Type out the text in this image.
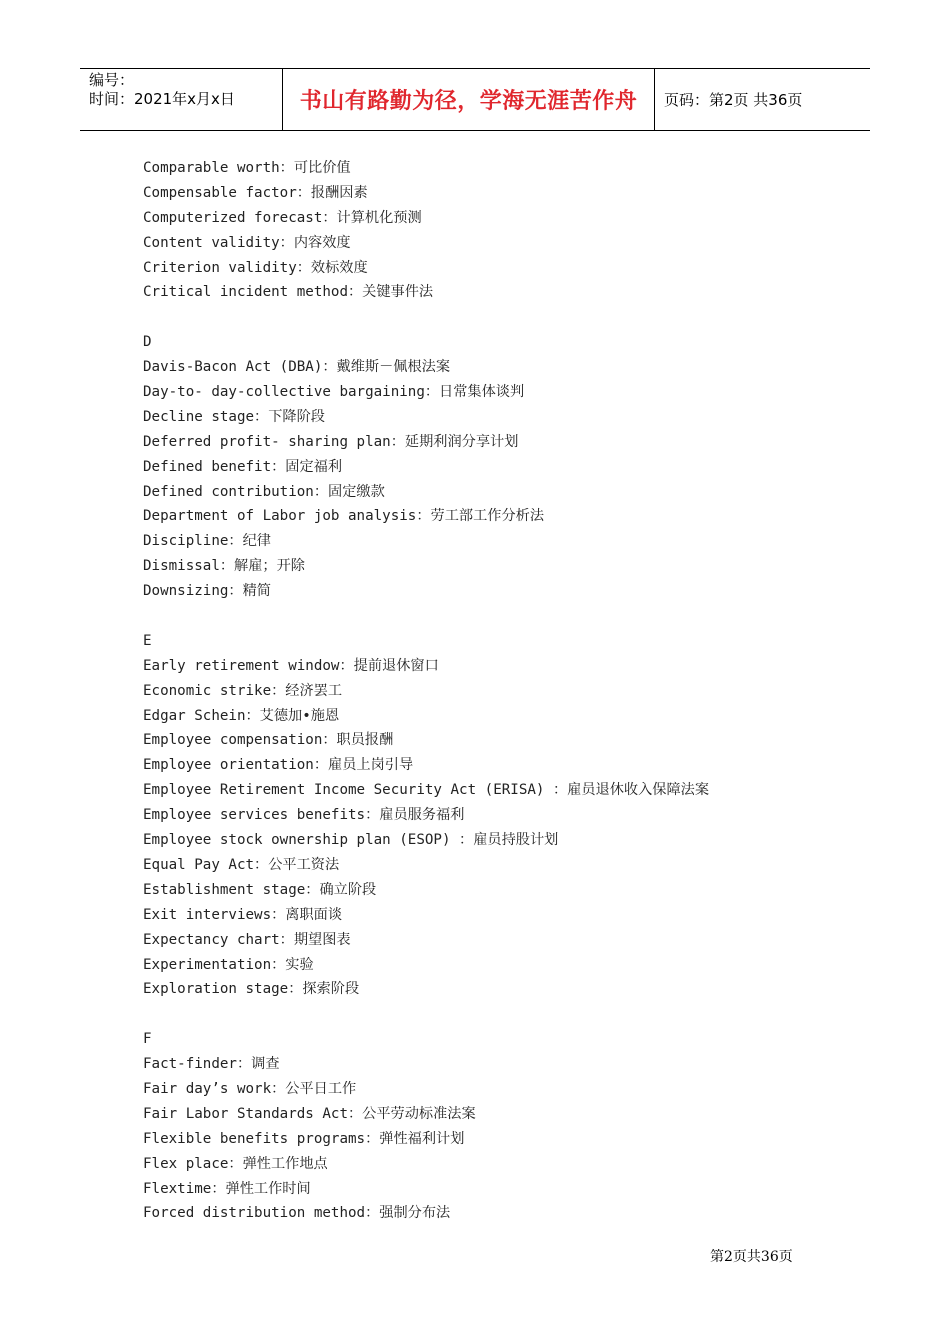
编号：
时间：2021年x月x日	书山有路勤为径，学海无涯苦作舟 页码：第2页 共36页
Comparable worth：可比价值
Compensable factor：报酬因素
Computerized forecast：计算机化预测
Content validity：内容效度
Criterion validity：效标效度
Critical incident method：关键事件法
D
Davis-Bacon Act (DBA)：戴维斯－佩根法案
Day-to- day-collective bargaining：日常集体谈判
Decline stage：下降阶段
Deferred profit- sharing plan：延期利润分享计划
Defined benefit：固定福利
Defined contribution：固定缴款
Department of Labor job analysis：劳工部工作分析法
Discipline：纪律
Dismissal：解雇；开除
Downsizing：精简
E
Early retirement window：提前退休窗口
Economic strike：经济罢工
Edgar Schein：艾德加•施恩
Employee compensation：职员报酬
Employee orientation：雇员上岗引导
Employee Retirement Income Security Act (ERISA) ：雇员退休收入保障法案
Employee services benefits：雇员服务福利
Employee stock ownership plan (ESOP) ：雇员持股计划
Equal Pay Act：公平工资法
Establishment stage：确立阶段
Exit interviews：离职面谈
Expectancy chart：期望图表
Experimentation：实验
Exploration stage：探索阶段
F
Fact-finder：调查
Fair day’s work：公平日工作
Fair Labor Standards Act：公平劳动标准法案
Flexible benefits programs：弹性福利计划
Flex place：弹性工作地点
Flextime：弹性工作时间
Forced distribution method：强制分布法
第2页共36页
